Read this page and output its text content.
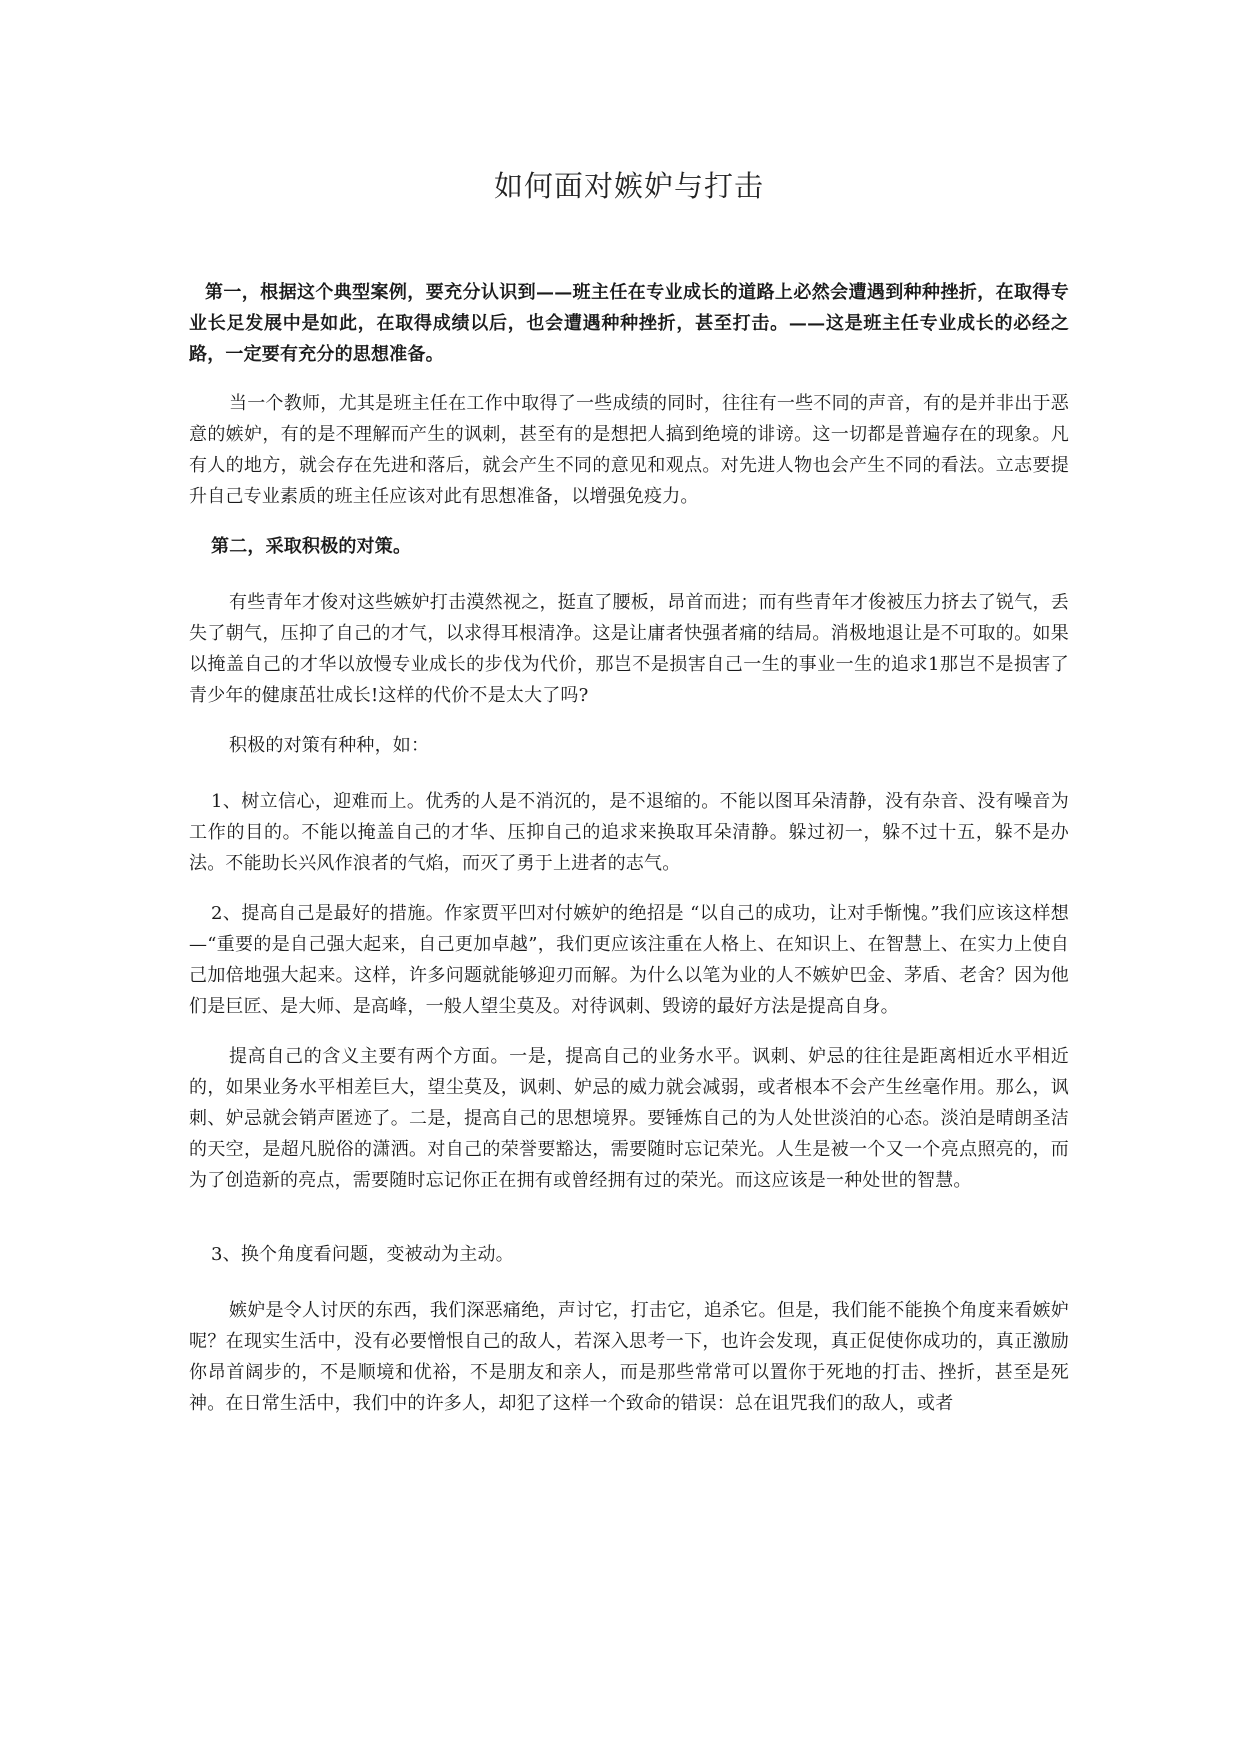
如何面对嫉妒与打击

第一，根据这个典型案例，要充分认识到——班主任在专业成长的道路上必然会遭遇到种种挫折，在取得专业长足发展中是如此，在取得成绩以后，也会遭遇种种挫折，甚至打击。——这是班主任专业成长的必经之路，一定要有充分的思想准备。

当一个教师，尤其是班主任在工作中取得了一些成绩的同时，往往有一些不同的声音，有的是并非出于恶意的嫉妒，有的是不理解而产生的讽刺，甚至有的是想把人搞到绝境的诽谤。这一切都是普遍存在的现象。凡有人的地方，就会存在先进和落后，就会产生不同的意见和观点。对先进人物也会产生不同的看法。立志要提升自己专业素质的班主任应该对此有思想准备，以增强免疫力。

第二，采取积极的对策。

有些青年才俊对这些嫉妒打击漠然视之，挺直了腰板，昂首而进；而有些青年才俊被压力挤去了锐气，丢失了朝气，压抑了自己的才气，以求得耳根清净。这是让庸者快强者痛的结局。消极地退让是不可取的。如果以掩盖自己的才华以放慢专业成长的步伐为代价，那岂不是损害自己一生的事业一生的追求1那岂不是损害了青少年的健康茁壮成长!这样的代价不是太大了吗?

积极的对策有种种，如：

1、树立信心，迎难而上。优秀的人是不消沉的，是不退缩的。不能以图耳朵清静，没有杂音、没有噪音为工作的目的。不能以掩盖自己的才华、压抑自己的追求来换取耳朵清静。躲过初一，躲不过十五，躲不是办法。不能助长兴风作浪者的气焰，而灭了勇于上进者的志气。

2、提高自己是最好的措施。作家贾平凹对付嫉妒的绝招是 “以自己的成功，让对手惭愧。”我们应该这样想—“重要的是自己强大起来，自己更加卓越”，我们更应该注重在人格上、在知识上、在智慧上、在实力上使自己加倍地强大起来。这样，许多问题就能够迎刃而解。为什么以笔为业的人不嫉妒巴金、茅盾、老舍？因为他们是巨匠、是大师、是高峰，一般人望尘莫及。对待讽刺、毁谤的最好方法是提高自身。

提高自己的含义主要有两个方面。一是，提高自己的业务水平。讽刺、妒忌的往往是距离相近水平相近的，如果业务水平相差巨大，望尘莫及，讽刺、妒忌的威力就会减弱，或者根本不会产生丝毫作用。那么，讽刺、妒忌就会销声匿迹了。二是，提高自己的思想境界。要锤炼自己的为人处世淡泊的心态。淡泊是晴朗圣洁的天空，是超凡脱俗的潇洒。对自己的荣誉要豁达，需要随时忘记荣光。人生是被一个又一个亮点照亮的，而为了创造新的亮点，需要随时忘记你正在拥有或曾经拥有过的荣光。而这应该是一种处世的智慧。

3、换个角度看问题，变被动为主动。

嫉妒是令人讨厌的东西，我们深恶痛绝，声讨它，打击它，追杀它。但是，我们能不能换个角度来看嫉妒呢？在现实生活中，没有必要憎恨自己的敌人，若深入思考一下，也许会发现，真正促使你成功的，真正激励你昂首阔步的，不是顺境和优裕，不是朋友和亲人，而是那些常常可以置你于死地的打击、挫折，甚至是死神。在日常生活中，我们中的许多人，却犯了这样一个致命的错误：总在诅咒我们的敌人，或者
